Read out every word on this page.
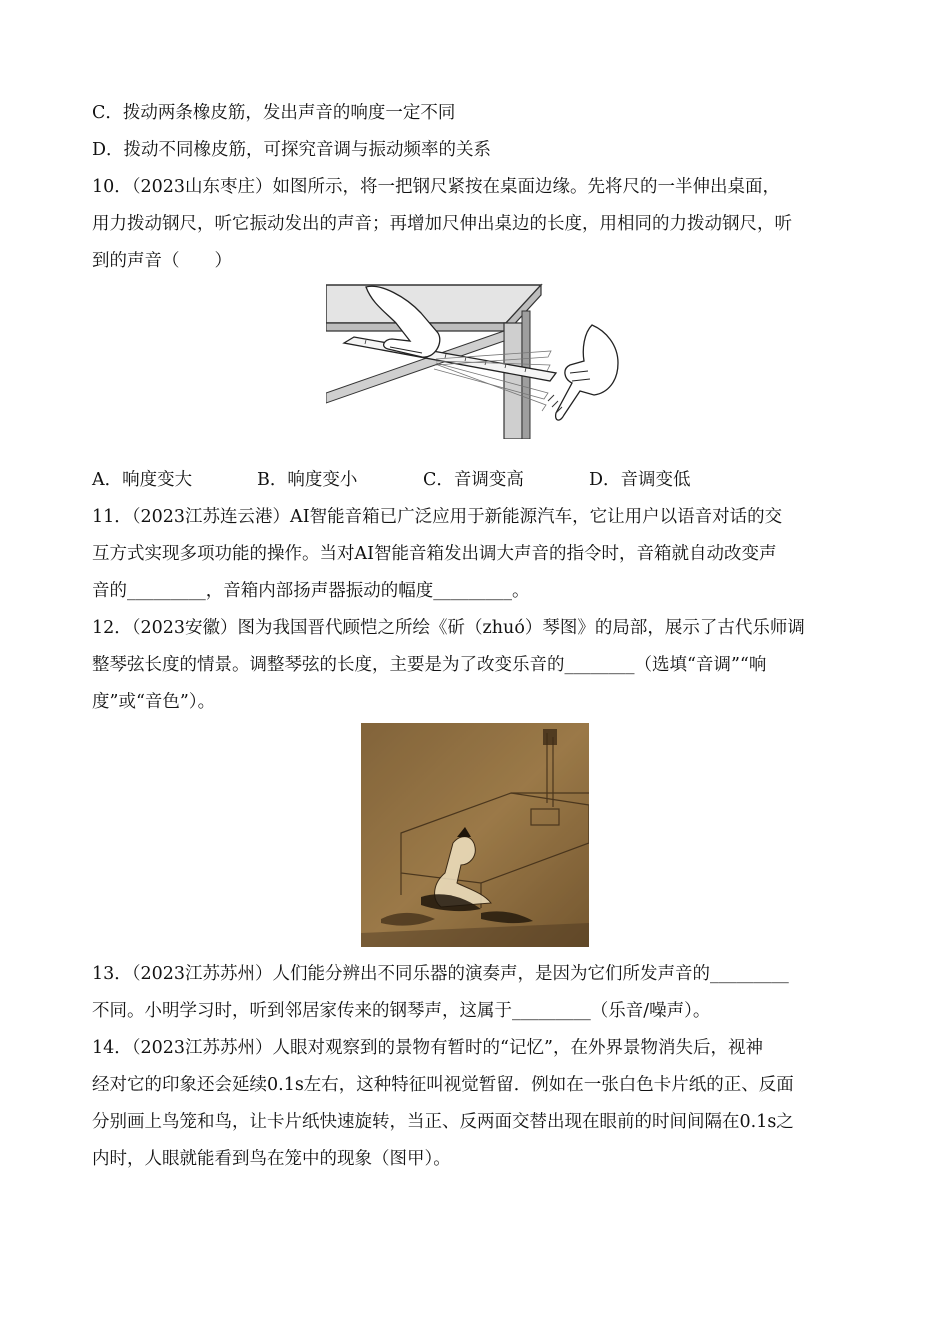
C．拨动两条橡皮筋，发出声音的响度一定不同
D．拨动不同橡皮筋，可探究音调与振动频率的关系
10．（2023山东枣庄）如图所示，将一把钢尺紧按在桌面边缘。先将尺的一半伸出桌面，
用力拨动钢尺，听它振动发出的声音；再增加尺伸出桌边的长度，用相同的力拨动钢尺，听
到的声音（　　）
A．响度变大	B．响度变小	C．音调变高	D．音调变低
11．（2023江苏连云港）AI智能音箱已广泛应用于新能源汽车，它让用户以语音对话的交
互方式实现多项功能的操作。当对AI智能音箱发出调大声音的指令时，音箱就自动改变声
音的_________，音箱内部扬声器振动的幅度_________。
12．（2023安徽）图为我国晋代顾恺之所绘《斫（zhuó）琴图》的局部，展示了古代乐师调
整琴弦长度的情景。调整琴弦的长度，主要是为了改变乐音的________（选填“音调”“响
度”或“音色”）。
13．（2023江苏苏州）人们能分辨出不同乐器的演奏声，是因为它们所发声音的_________
不同。小明学习时，听到邻居家传来的钢琴声，这属于_________（乐音/噪声）。
14．（2023江苏苏州）人眼对观察到的景物有暂时的“记忆”，在外界景物消失后，视神
经对它的印象还会延续0.1s左右，这种特征叫视觉暂留．例如在一张白色卡片纸的正、反面
分别画上鸟笼和鸟，让卡片纸快速旋转，当正、反两面交替出现在眼前的时间间隔在0.1s之
内时，人眼就能看到鸟在笼中的现象（图甲）。
